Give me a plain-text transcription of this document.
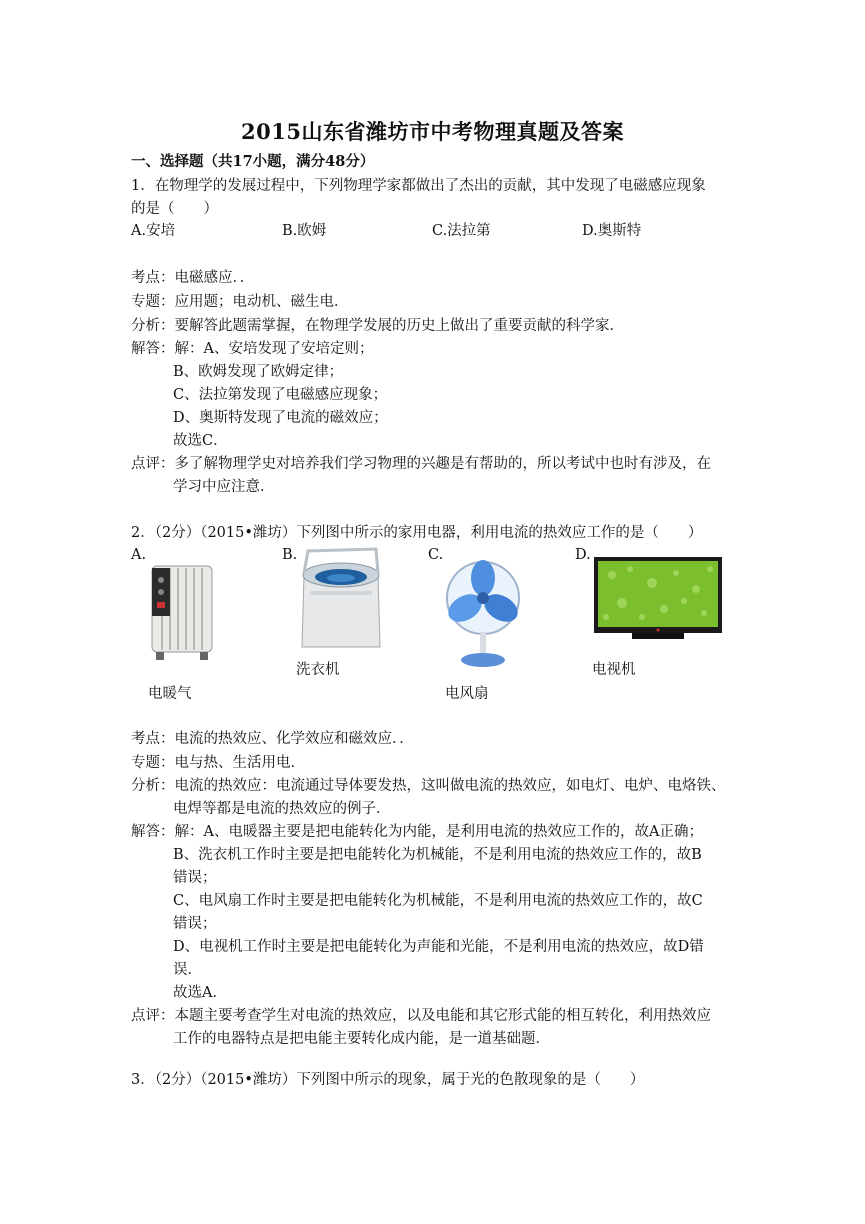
2015山东省潍坊市中考物理真题及答案
一、选择题（共17小题，满分48分）
1．在物理学的发展过程中，下列物理学家都做出了杰出的贡献，其中发现了电磁感应现象
的是（　　）
A.安培	B.欧姆	C.法拉第	D.奥斯特
考点：电磁感应．．
专题：应用题；电动机、磁生电．
分析：要解答此题需掌握，在物理学发展的历史上做出了重要贡献的科学家．
解答：解：A、安培发现了安培定则；
B、欧姆发现了欧姆定律；
C、法拉第发现了电磁感应现象；
D、奥斯特发现了电流的磁效应；
故选C．
点评：多了解物理学史对培养我们学习物理的兴趣是有帮助的，所以考试中也时有涉及，在
学习中应注意．
2．（2分）（2015•潍坊）下列图中所示的家用电器，利用电流的热效应工作的是（　　）
A.	B.	C.	D.
电暖气
洗衣机
电风扇
电视机
考点：电流的热效应、化学效应和磁效应．．
专题：电与热、生活用电．
分析：电流的热效应：电流通过导体要发热，这叫做电流的热效应，如电灯、电炉、电烙铁、
电焊等都是电流的热效应的例子．
解答：解：A、电暖器主要是把电能转化为内能，是利用电流的热效应工作的，故A正确；
B、洗衣机工作时主要是把电能转化为机械能，不是利用电流的热效应工作的，故B
错误；
C、电风扇工作时主要是把电能转化为机械能，不是利用电流的热效应工作的，故C
错误；
D、电视机工作时主要是把电能转化为声能和光能，不是利用电流的热效应，故D错
误．
故选A．
点评：本题主要考查学生对电流的热效应，以及电能和其它形式能的相互转化，利用热效应
工作的电器特点是把电能主要转化成内能，是一道基础题．
3．（2分）（2015•潍坊）下列图中所示的现象，属于光的色散现象的是（　　）
